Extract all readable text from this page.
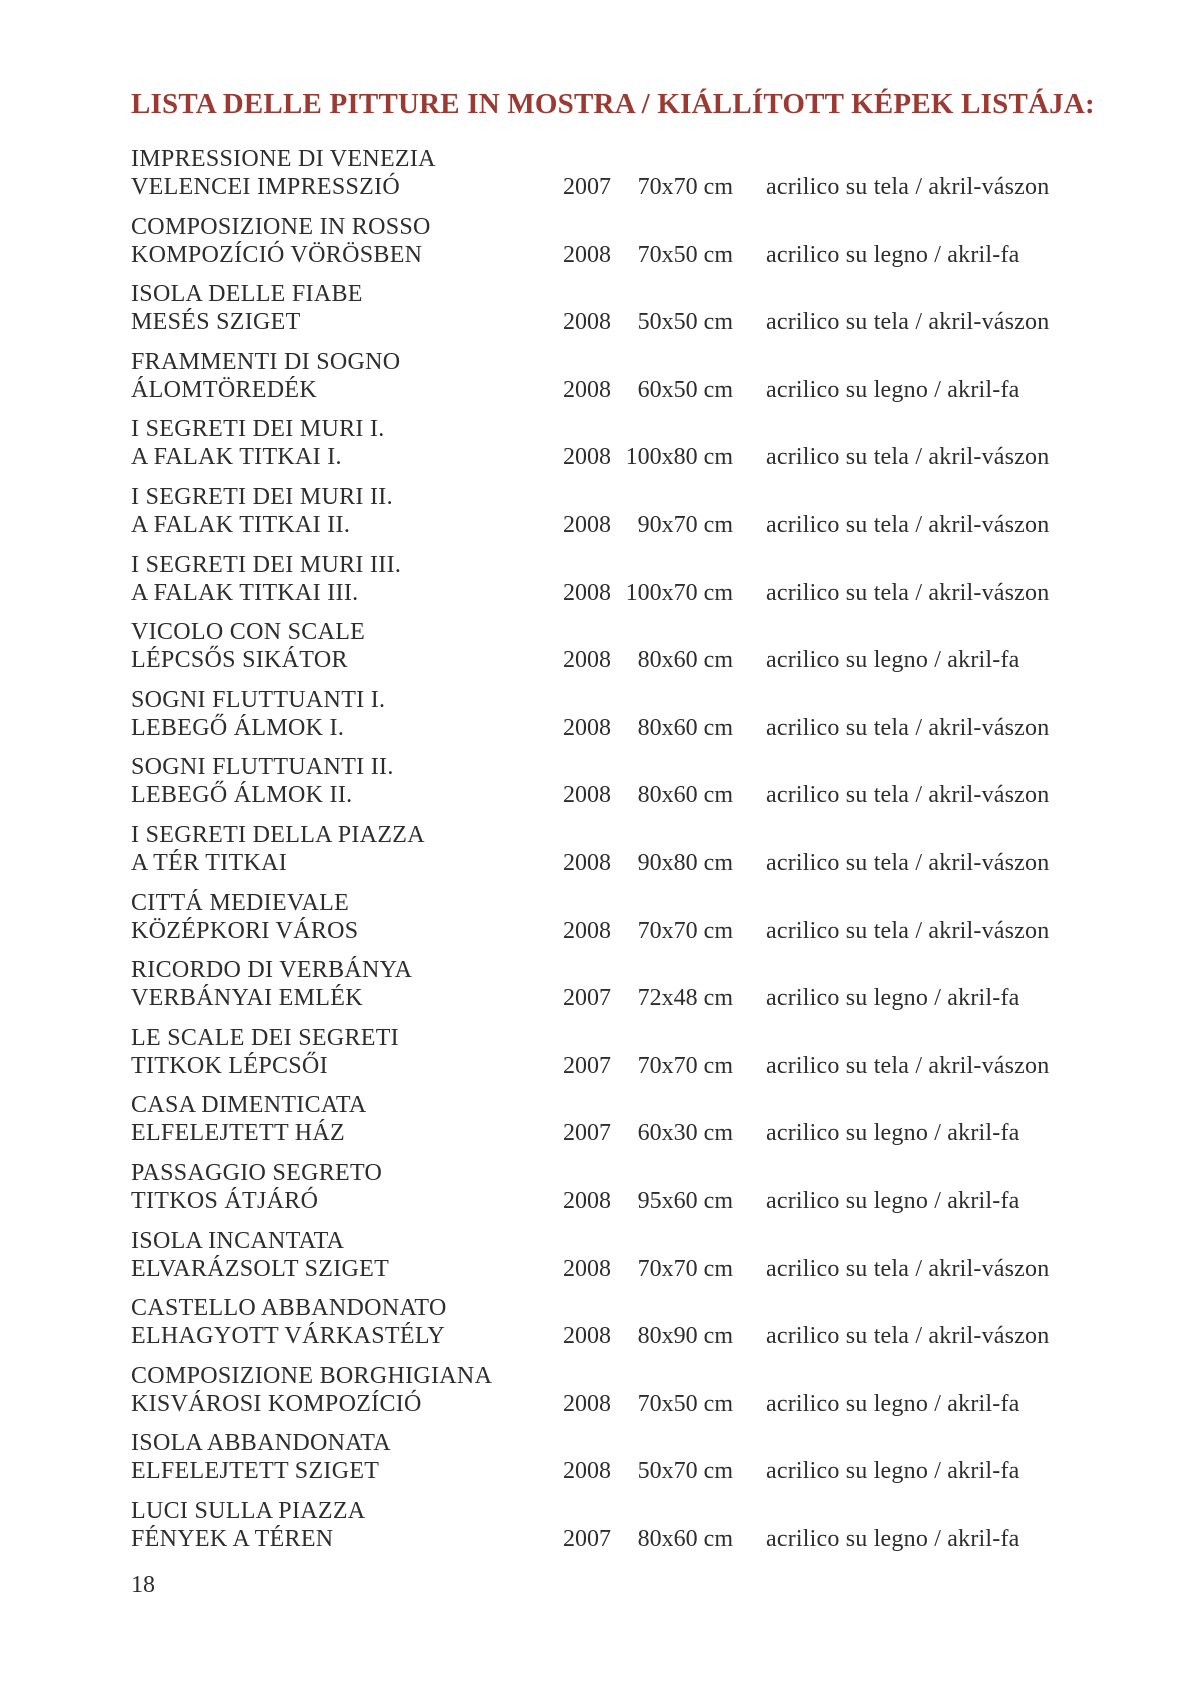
LISTA DELLE PITTURE IN MOSTRA / KIÁLLÍTOTT KÉPEK LISTÁJA:
IMPRESSIONE DI VENEZIA
VELENCEI IMPRESSZIÓ	2007	70x70 cm acrilico su tela / akril-vászon
COMPOSIZIONE IN ROSSO
KOMPOZÍCIÓ VÖRÖSBEN	2008	70x50 cm acrilico su legno / akril-fa
ISOLA DELLE FIABE
MESÉS SZIGET	2008	50x50 cm acrilico su tela / akril-vászon
FRAMMENTI DI SOGNO
ÁLOMTÖREDÉK	2008	60x50 cm acrilico su legno / akril-fa
I SEGRETI DEI MURI I.
A FALAK TITKAI I.	2008 100x80 cm acrilico su tela / akril-vászon
I SEGRETI DEI MURI II.
A FALAK TITKAI II.	2008	90x70 cm acrilico su tela / akril-vászon
I SEGRETI DEI MURI III.
A FALAK TITKAI III.	2008 100x70 cm acrilico su tela / akril-vászon
VICOLO CON SCALE
LÉPCSŐS SIKÁTOR	2008	80x60 cm acrilico su legno / akril-fa
SOGNI FLUTTUANTI I.
LEBEGŐ ÁLMOK I.	2008	80x60 cm acrilico su tela / akril-vászon
SOGNI FLUTTUANTI II.
LEBEGŐ ÁLMOK II.	2008	80x60 cm acrilico su tela / akril-vászon
I SEGRETI DELLA PIAZZA
A TÉR TITKAI	2008	90x80 cm acrilico su tela / akril-vászon
CITTÁ MEDIEVALE
KÖZÉPKORI VÁROS	2008	70x70 cm acrilico su tela / akril-vászon
RICORDO DI VERBÁNYA
VERBÁNYAI EMLÉK	2007	72x48 cm acrilico su legno / akril-fa
LE SCALE DEI SEGRETI
TITKOK LÉPCSŐI	2007	70x70 cm acrilico su tela / akril-vászon
CASA DIMENTICATA
ELFELEJTETT HÁZ	2007	60x30 cm acrilico su legno / akril-fa
PASSAGGIO SEGRETO
TITKOS ÁTJÁRÓ	2008	95x60 cm acrilico su legno / akril-fa
ISOLA INCANTATA
ELVARÁZSOLT SZIGET	2008	70x70 cm acrilico su tela / akril-vászon
CASTELLO ABBANDONATO
ELHAGYOTT VÁRKASTÉLY	2008	80x90 cm acrilico su tela / akril-vászon
COMPOSIZIONE BORGHIGIANA
KISVÁROSI KOMPOZÍCIÓ	2008	70x50 cm acrilico su legno / akril-fa
ISOLA ABBANDONATA
ELFELEJTETT SZIGET	2008	50x70 cm acrilico su legno / akril-fa
LUCI SULLA PIAZZA
FÉNYEK A TÉREN	2007	80x60 cm acrilico su legno / akril-fa
18
